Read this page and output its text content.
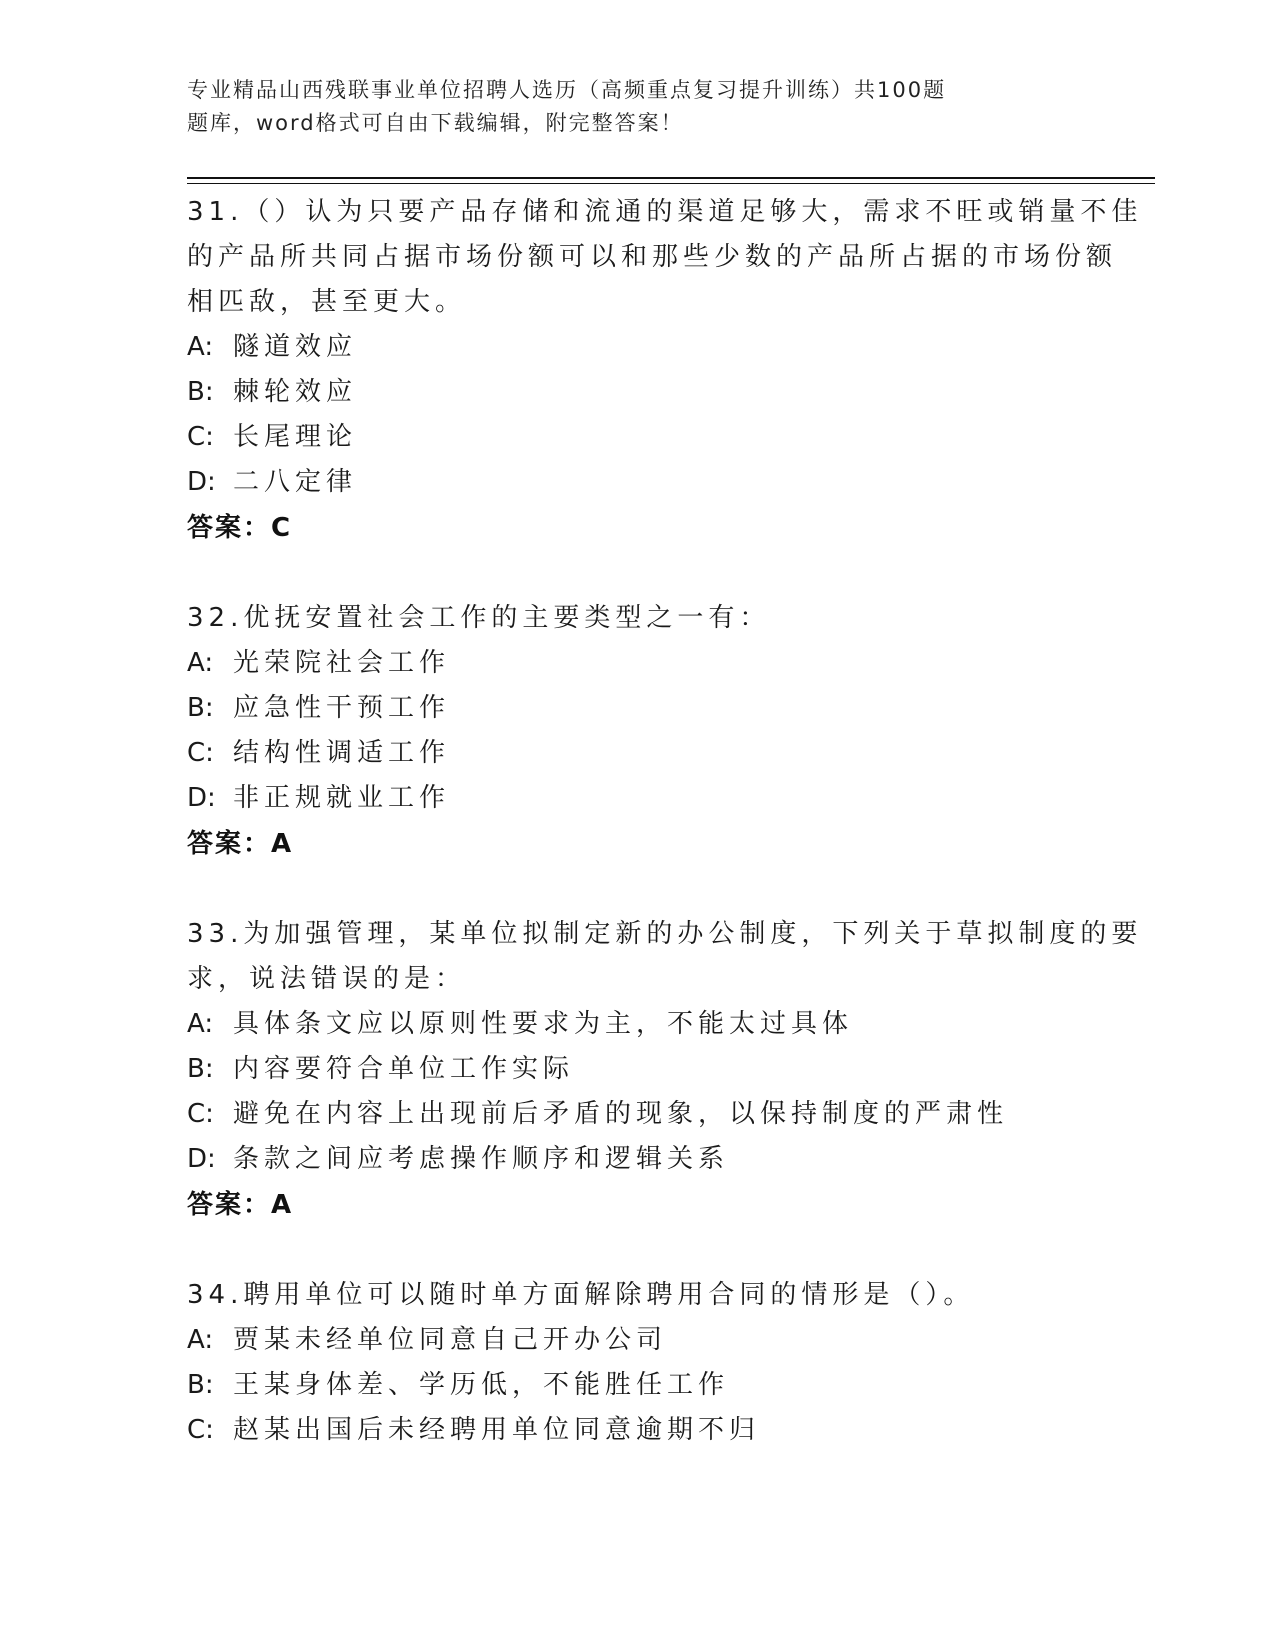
专业精品山西残联事业单位招聘人选历（高频重点复习提升训练）共100题
题库，word格式可自由下载编辑，附完整答案！
31.（）认为只要产品存储和流通的渠道足够大，需求不旺或销量不佳
的产品所共同占据市场份额可以和那些少数的产品所占据的市场份额
相匹敌，甚至更大。
A: 隧道效应
B: 棘轮效应
C: 长尾理论
D: 二八定律
答案：C
32.优抚安置社会工作的主要类型之一有：
A: 光荣院社会工作
B: 应急性干预工作
C: 结构性调适工作
D: 非正规就业工作
答案：A
33.为加强管理，某单位拟制定新的办公制度，下列关于草拟制度的要
求，说法错误的是：
A: 具体条文应以原则性要求为主，不能太过具体
B: 内容要符合单位工作实际
C: 避免在内容上出现前后矛盾的现象，以保持制度的严肃性
D: 条款之间应考虑操作顺序和逻辑关系
答案：A
34.聘用单位可以随时单方面解除聘用合同的情形是（）。
A: 贾某未经单位同意自己开办公司
B: 王某身体差、学历低，不能胜任工作
C: 赵某出国后未经聘用单位同意逾期不归
